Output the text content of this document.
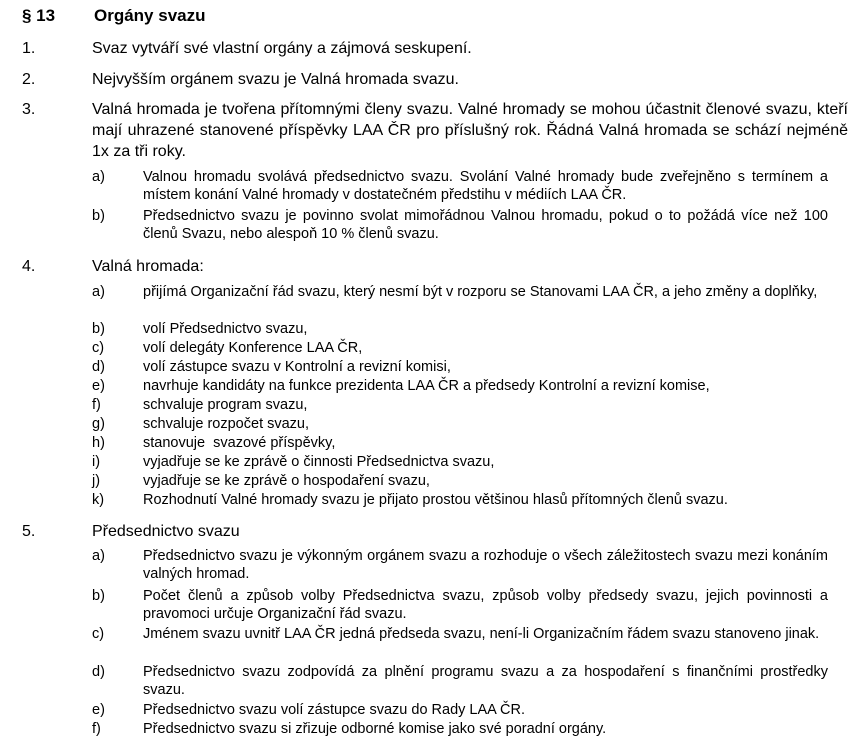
§ 13 Orgány svazu
1.	Svaz vytváří své vlastní orgány a zájmová seskupení.
2.	Nejvyšším orgánem svazu je Valná hromada svazu.
3.	Valná hromada je tvořena přítomnými členy svazu. Valné hromady se mohou účastnit členové svazu, kteří mají uhrazené stanovené příspěvky LAA ČR pro příslušný rok. Řádná Valná hromada se schází nejméně 1x za tři roky.
a)	Valnou hromadu svolává předsednictvo svazu. Svolání Valné hromady bude zveřejněno s termínem a místem konání Valné hromady v dostatečném předstihu v médiích LAA ČR.
b)	Předsednictvo svazu je povinno svolat mimořádnou Valnou hromadu, pokud o to požádá více než 100 členů Svazu, nebo alespoň 10 % členů svazu.
4.	Valná hromada:
a)	přijímá Organizační řád svazu, který nesmí být v rozporu se Stanovami LAA ČR, a jeho změny a doplňky,
b)	volí Předsednictvo svazu,
c)	volí delegáty Konference LAA ČR,
d)	volí zástupce svazu v Kontrolní a revizní komisi,
e)	navrhuje kandidáty na funkce prezidenta LAA ČR a předsedy Kontrolní a revizní komise,
f)	schvaluje program svazu,
g)	schvaluje rozpočet svazu,
h)	stanovuje  svazové příspěvky,
i)	vyjadřuje se ke zprávě o činnosti Předsednictva svazu,
j)	vyjadřuje se ke zprávě o hospodaření svazu,
k)	Rozhodnutí Valné hromady svazu je přijato prostou většinou hlasů přítomných členů svazu.
5.	Předsednictvo svazu
a)	Předsednictvo svazu je výkonným orgánem svazu a rozhoduje o všech záležitostech svazu mezi konáním valných hromad.
b)	Počet členů a způsob volby Předsednictva svazu, způsob volby předsedy svazu, jejich povinnosti a pravomoci určuje Organizační řád svazu.
c)	Jménem svazu uvnitř LAA ČR jedná předseda svazu, není-li Organizačním řádem svazu stanoveno jinak.
d)	Předsednictvo svazu zodpovídá za plnění programu svazu a za hospodaření s finančními prostředky svazu.
e)	Předsednictvo svazu volí zástupce svazu do Rady LAA ČR.
f)	Předsednictvo svazu si zřizuje odborné komise jako své poradní orgány.
